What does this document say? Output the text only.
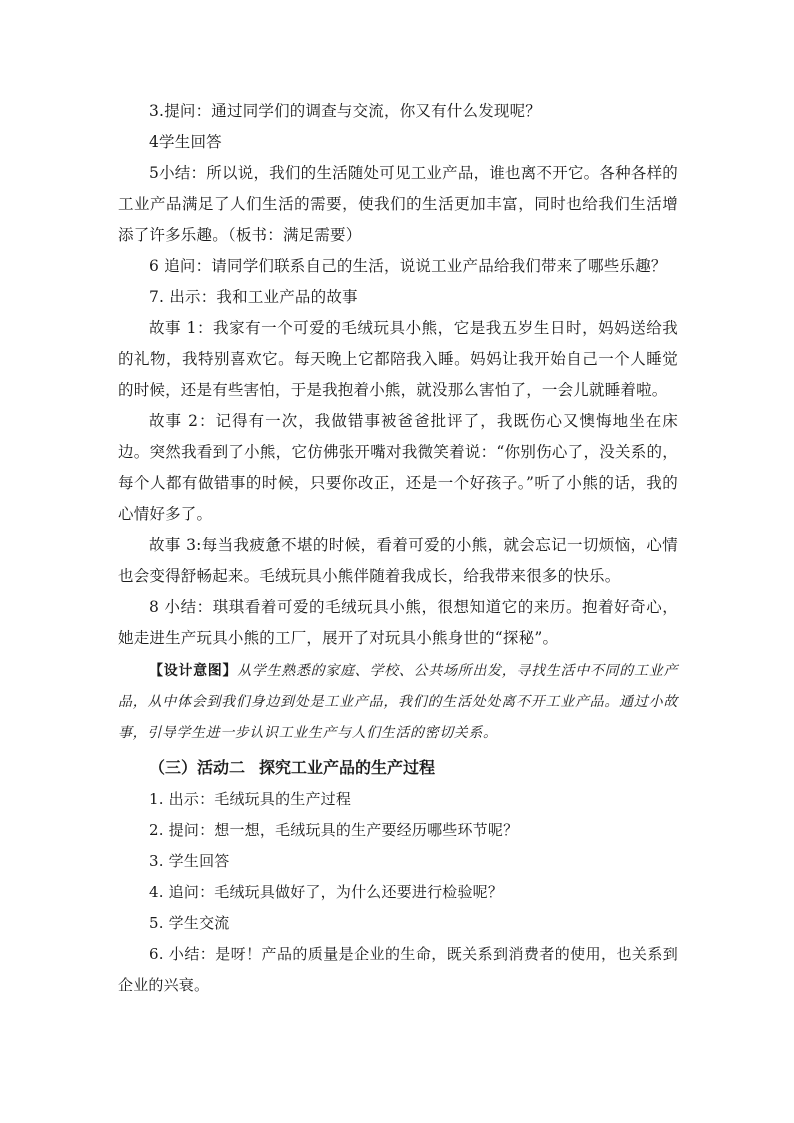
3.提问：通过同学们的调查与交流，你又有什么发现呢？

4学生回答

5小结：所以说，我们的生活随处可见工业产品，谁也离不开它。各种各样的工业产品满足了人们生活的需要，使我们的生活更加丰富，同时也给我们生活增添了许多乐趣。（板书：满足需要）

6 追问：请同学们联系自己的生活，说说工业产品给我们带来了哪些乐趣？

7. 出示：我和工业产品的故事

故事 1：我家有一个可爱的毛绒玩具小熊，它是我五岁生日时，妈妈送给我的礼物，我特别喜欢它。每天晚上它都陪我入睡。妈妈让我开始自己一个人睡觉的时候，还是有些害怕，于是我抱着小熊，就没那么害怕了，一会儿就睡着啦。

故事 2：记得有一次，我做错事被爸爸批评了，我既伤心又懊悔地坐在床边。突然我看到了小熊，它仿佛张开嘴对我微笑着说：“你别伤心了，没关系的，每个人都有做错事的时候，只要你改正，还是一个好孩子。”听了小熊的话，我的心情好多了。

故事 3:每当我疲惫不堪的时候，看着可爱的小熊，就会忘记一切烦恼，心情也会变得舒畅起来。毛绒玩具小熊伴随着我成长，给我带来很多的快乐。

8 小结：琪琪看着可爱的毛绒玩具小熊，很想知道它的来历。抱着好奇心，她走进生产玩具小熊的工厂，展开了对玩具小熊身世的“探秘”。

【设计意图】从学生熟悉的家庭、学校、公共场所出发，寻找生活中不同的工业产品，从中体会到我们身边到处是工业产品，我们的生活处处离不开工业产品。通过小故事，引导学生进一步认识工业生产与人们生活的密切关系。

（三）活动二 探究工业产品的生产过程

1. 出示：毛绒玩具的生产过程

2. 提问：想一想，毛绒玩具的生产要经历哪些环节呢？

3. 学生回答

4. 追问：毛绒玩具做好了，为什么还要进行检验呢？

5. 学生交流

6. 小结：是呀！产品的质量是企业的生命，既关系到消费者的使用，也关系到企业的兴衰。
